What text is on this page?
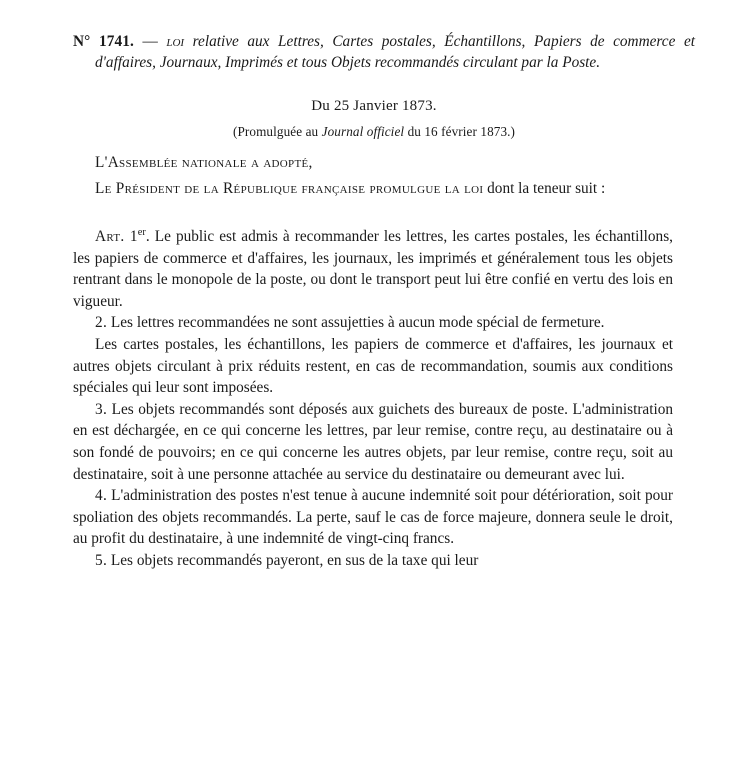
N° 1741. — loi relative aux Lettres, Cartes postales, Échantillons, Papiers de commerce et d'affaires, Journaux, Imprimés et tous Objets recommandés circulant par la Poste.
Du 25 Janvier 1873.
(Promulguée au Journal officiel du 16 février 1873.)
L'Assemblée nationale a adopté,
Le Président de la République française promulgue la loi dont la teneur suit :

Art. 1er. Le public est admis à recommander les lettres, les cartes postales, les échantillons, les papiers de commerce et d'affaires, les journaux, les imprimés et généralement tous les objets rentrant dans le monopole de la poste, ou dont le transport peut lui être confié en vertu des lois en vigueur.

2. Les lettres recommandées ne sont assujetties à aucun mode spécial de fermeture.

Les cartes postales, les échantillons, les papiers de commerce et d'affaires, les journaux et autres objets circulant à prix réduits restent, en cas de recommandation, soumis aux conditions spéciales qui leur sont imposées.

3. Les objets recommandés sont déposés aux guichets des bureaux de poste. L'administration en est déchargée, en ce qui concerne les lettres, par leur remise, contre reçu, au destinataire ou à son fondé de pouvoirs; en ce qui concerne les autres objets, par leur remise, contre reçu, soit au destinataire, soit à une personne attachée au service du destinataire ou demeurant avec lui.

4. L'administration des postes n'est tenue à aucune indemnité soit pour détérioration, soit pour spoliation des objets recommandés. La perte, sauf le cas de force majeure, donnera seule le droit, au profit du destinataire, à une indemnité de vingt-cinq francs.

5. Les objets recommandés payeront, en sus de la taxe qui leur
